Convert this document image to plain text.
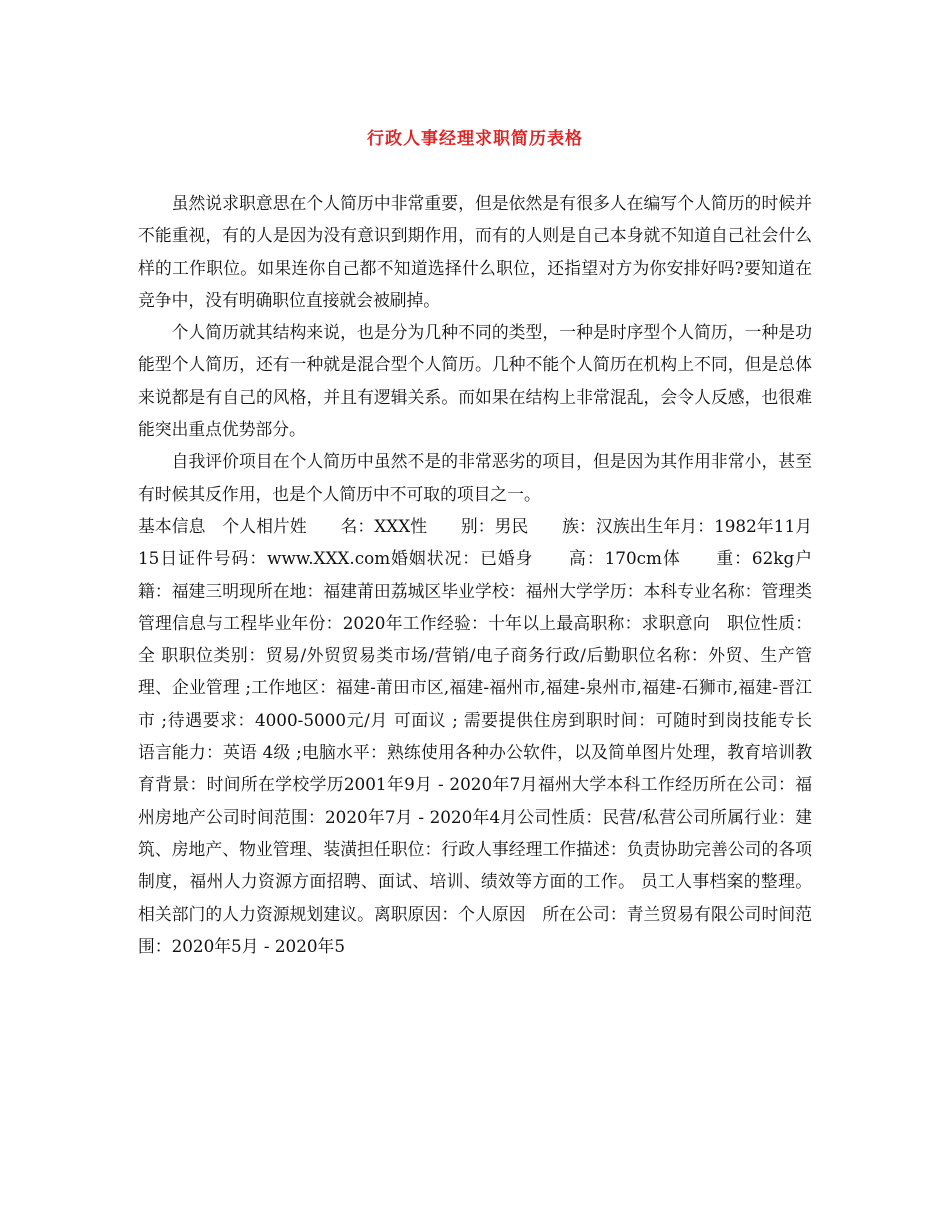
行政人事经理求职简历表格

虽然说求职意思在个人简历中非常重要，但是依然是有很多人在编写个人简历的时候并不能重视，有的人是因为没有意识到期作用，而有的人则是自己本身就不知道自己社会什么样的工作职位。如果连你自己都不知道选择什么职位，还指望对方为你安排好吗?要知道在竞争中，没有明确职位直接就会被刷掉。

个人简历就其结构来说，也是分为几种不同的类型，一种是时序型个人简历，一种是功能型个人简历，还有一种就是混合型个人简历。几种不能个人简历在机构上不同，但是总体来说都是有自己的风格，并且有逻辑关系。而如果在结构上非常混乱，会令人反感，也很难能突出重点优势部分。

自我评价项目在个人简历中虽然不是的非常恶劣的项目，但是因为其作用非常小，甚至有时候其反作用，也是个人简历中不可取的项目之一。

基本信息　个人相片姓　　名：XXX性　　别：男民　　族：汉族出生年月：1982年11月15日证件号码：www.XXX.com婚姻状况：已婚身　　高：170cm体　　重：62kg户　　籍：福建三明现所在地：福建莆田荔城区毕业学校：福州大学学历：本科专业名称：管理类管理信息与工程毕业年份：2020年工作经验：十年以上最高职称：求职意向　职位性质：全 职职位类别：贸易/外贸贸易类市场/营销/电子商务行政/后勤职位名称：外贸、生产管理、企业管理 ;工作地区：福建-莆田市区,福建-福州市,福建-泉州市,福建-石狮市,福建-晋江市 ;待遇要求：4000-5000元/月 可面议 ; 需要提供住房到职时间：可随时到岗技能专长　语言能力：英语 4级 ;电脑水平：熟练使用各种办公软件，以及简单图片处理，教育培训教育背景：时间所在学校学历2001年9月 - 2020年7月福州大学本科工作经历所在公司：福州房地产公司时间范围：2020年7月 - 2020年4月公司性质：民营/私营公司所属行业：建筑、房地产、物业管理、装潢担任职位：行政人事经理工作描述：负责协助完善公司的各项制度，福州人力资源方面招聘、面试、培训、绩效等方面的工作。 员工人事档案的整理。 相关部门的人力资源规划建议。离职原因：个人原因　所在公司：青兰贸易有限公司时间范围：2020年5月 - 2020年5
